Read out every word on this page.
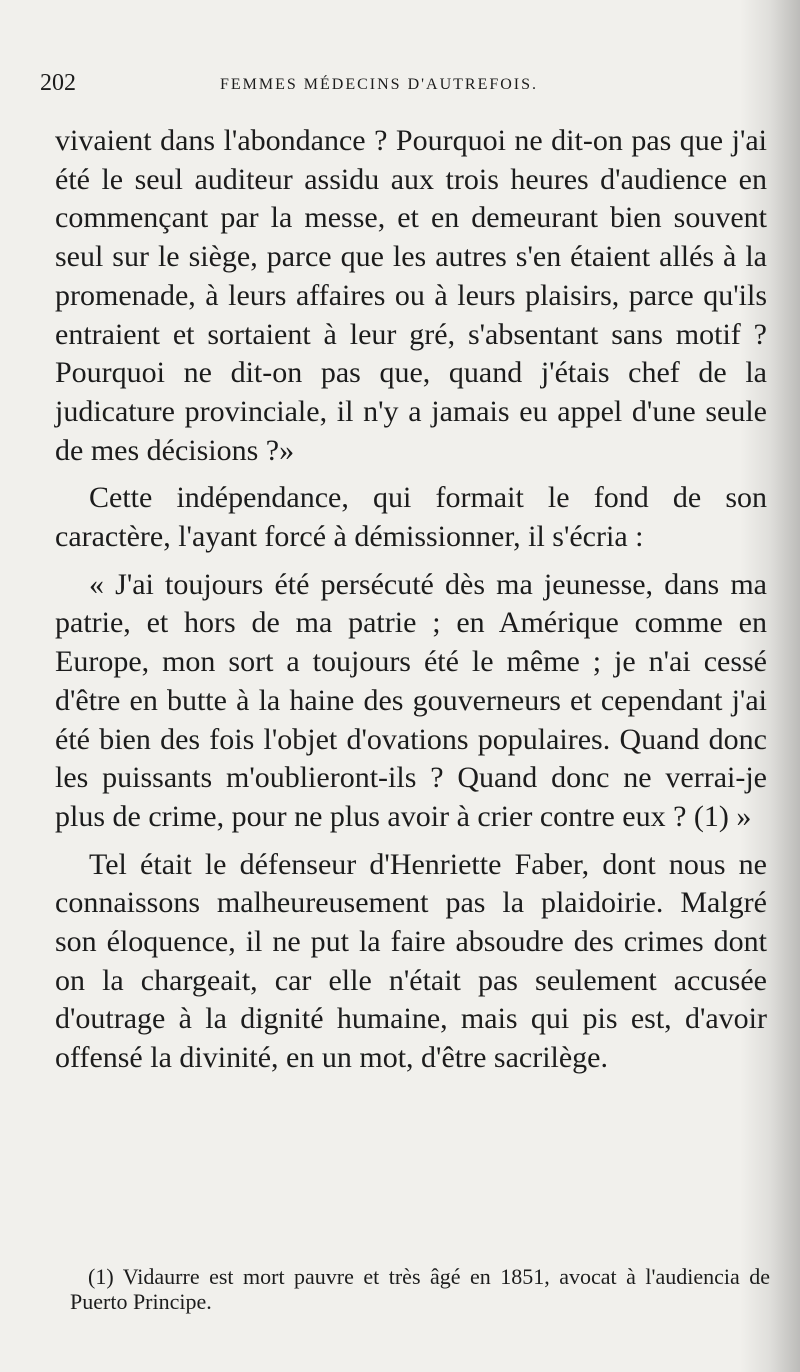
202	FEMMES MÉDECINS D'AUTREFOIS.

vivaient dans l'abondance ? Pourquoi ne dit-on pas que j'ai été le seul auditeur assidu aux trois heures d'audience en commençant par la messe, et en demeurant bien souvent seul sur le siège, parce que les autres s'en étaient allés à la promenade, à leurs affaires ou à leurs plaisirs, parce qu'ils entraient et sortaient à leur gré, s'absentant sans motif ? Pourquoi ne dit-on pas que, quand j'étais chef de la judicature provinciale, il n'y a jamais eu appel d'une seule de mes décisions ?»

Cette indépendance, qui formait le fond de son caractère, l'ayant forcé à démissionner, il s'écria :

« J'ai toujours été persécuté dès ma jeunesse, dans ma patrie, et hors de ma patrie ; en Amérique comme en Europe, mon sort a toujours été le même ; je n'ai cessé d'être en butte à la haine des gouverneurs et cependant j'ai été bien des fois l'objet d'ovations populaires. Quand donc les puissants m'oublieront-ils ? Quand donc ne verrai-je plus de crime, pour ne plus avoir à crier contre eux ? (1) »

Tel était le défenseur d'Henriette Faber, dont nous ne connaissons malheureusement pas la plaidoirie. Malgré son éloquence, il ne put la faire absoudre des crimes dont on la chargeait, car elle n'était pas seulement accusée d'outrage à la dignité humaine, mais qui pis est, d'avoir offensé la divinité, en un mot, d'être sacrilège.

(1) Vidaurre est mort pauvre et très âgé en 1851, avocat à l'audiencia de Puerto Principe.
